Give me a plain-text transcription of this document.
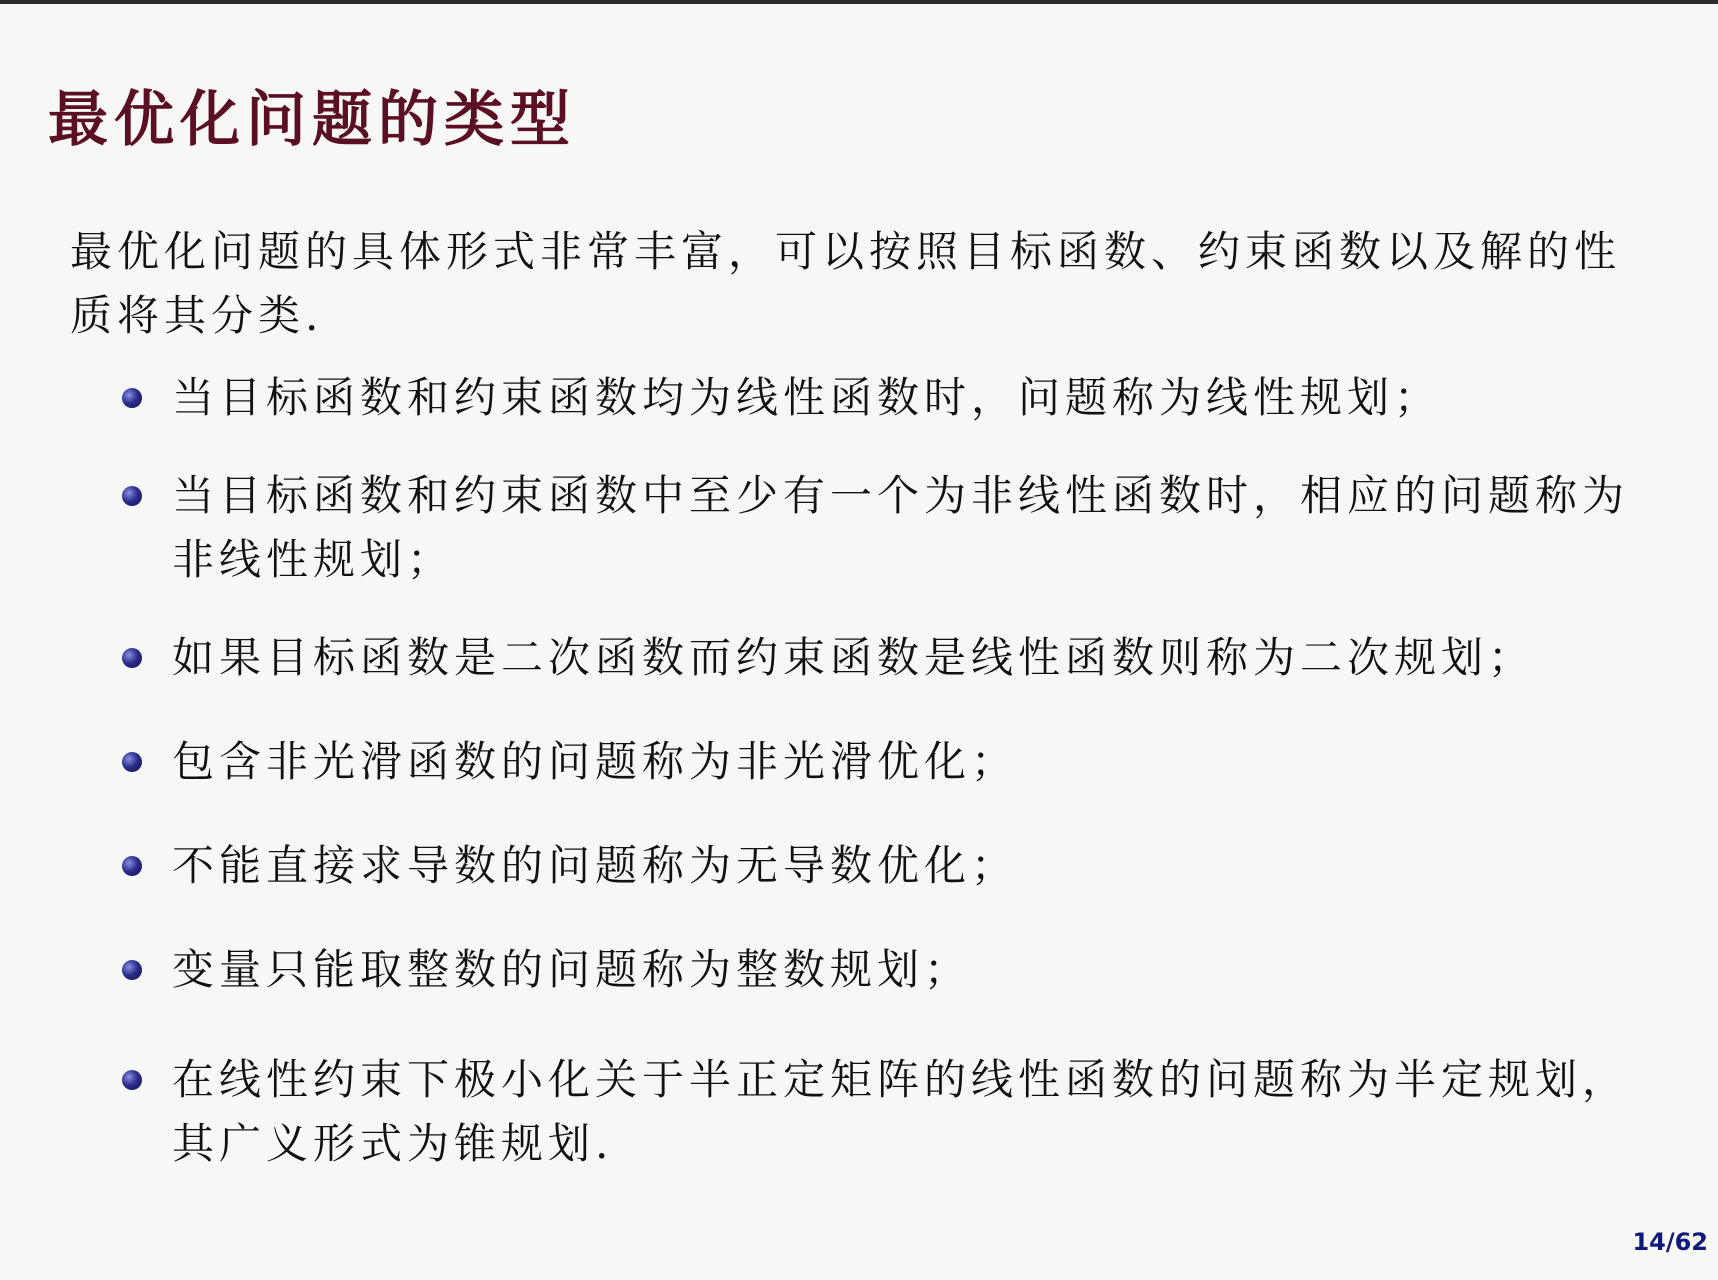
最优化问题的类型

最优化问题的具体形式非常丰富，可以按照目标函数、约束函数以及解的性质将其分类.

当目标函数和约束函数均为线性函数时，问题称为线性规划；
当目标函数和约束函数中至少有一个为非线性函数时，相应的问题称为非线性规划；
如果目标函数是二次函数而约束函数是线性函数则称为二次规划；
包含非光滑函数的问题称为非光滑优化；
不能直接求导数的问题称为无导数优化；
变量只能取整数的问题称为整数规划；
在线性约束下极小化关于半正定矩阵的线性函数的问题称为半定规划，其广义形式为锥规划.
14/62
